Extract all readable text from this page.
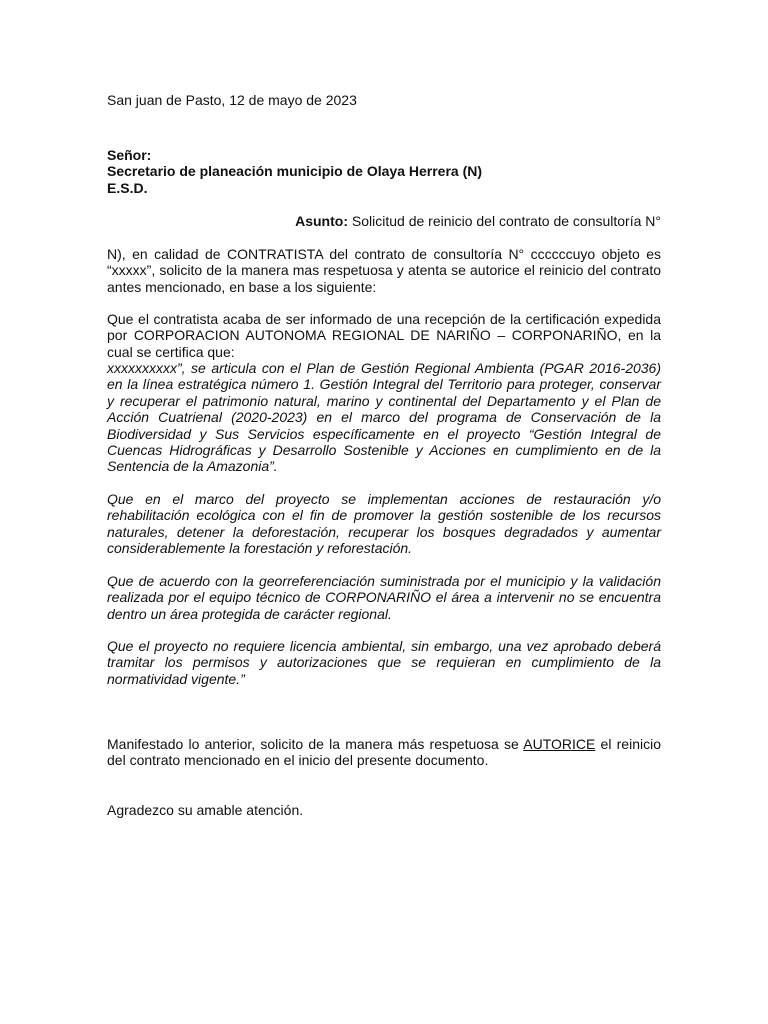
San juan de Pasto, 12 de mayo de 2023
Señor:
Secretario de planeación municipio de Olaya Herrera (N)
E.S.D.
Asunto: Solicitud de reinicio del contrato de consultoría N°
N), en calidad de CONTRATISTA del contrato de consultoría N° ccccccuyo objeto es “xxxxx”, solicito de la manera mas respetuosa y atenta se autorice el reinicio del contrato antes mencionado, en base a los siguiente:
Que el contratista acaba de ser informado de una recepción de la certificación expedida por CORPORACION AUTONOMA REGIONAL DE NARIÑO – CORPONARIÑO, en la cual se certifica que:
xxxxxxxxxx”, se articula con el Plan de Gestión Regional Ambienta (PGAR 2016-2036) en la línea estratégica número 1. Gestión Integral del Territorio para proteger, conservar y recuperar el patrimonio natural, marino y continental del Departamento y el Plan de Acción Cuatrienal (2020-2023) en el marco del programa de Conservación de la Biodiversidad y Sus Servicios específicamente en el proyecto “Gestión Integral de Cuencas Hidrográficas y Desarrollo Sostenible y Acciones en cumplimiento en de la Sentencia de la Amazonia”.
Que en el marco del proyecto se implementan acciones de restauración y/o rehabilitación ecológica con el fin de promover la gestión sostenible de los recursos naturales, detener la deforestación, recuperar los bosques degradados y aumentar considerablemente la forestación y reforestación.
Que de acuerdo con la georreferenciación suministrada por el municipio y la validación realizada por el equipo técnico de CORPONARIÑO el área a intervenir no se encuentra dentro un área protegida de carácter regional.
Que el proyecto no requiere licencia ambiental, sin embargo, una vez aprobado deberá tramitar los permisos y autorizaciones que se requieran en cumplimiento de la normatividad vigente.”
Manifestado lo anterior, solicito de la manera más respetuosa se AUTORICE el reinicio del contrato mencionado en el inicio del presente documento.
Agradezco su amable atención.
